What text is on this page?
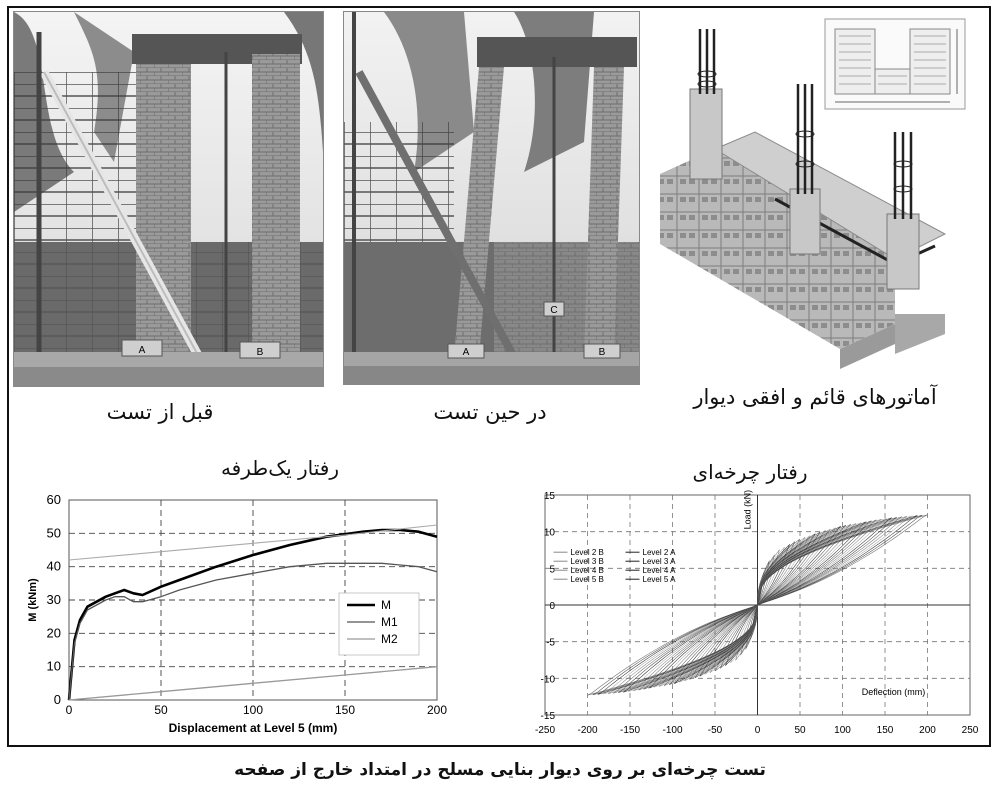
A	B	A
C
B
قبل از تست	در حین تست
آماتورهای قائم و افقی دیوار
رفتار یک‌طرفه	رفتار چرخه‌ای
0	50	100	150	200
0
10
20
30
40
50
60
Displacement at Level 5 (mm)
M (kNm)	M
M1
M2
-250 -200 -150 -100	-50	0	50	100	150	200	250
-15
-10
-5
0
5
10
15
Deflection (mm)
Load (kN)
Level 2 B	Level 2 A
Level 3 B	Level 3 A
Level 4 B	Level 4 A
Level 5 B	Level 5 A
تست چرخه‌ای بر روی دیوار بنایی مسلح در امتداد خارج از صفحه
